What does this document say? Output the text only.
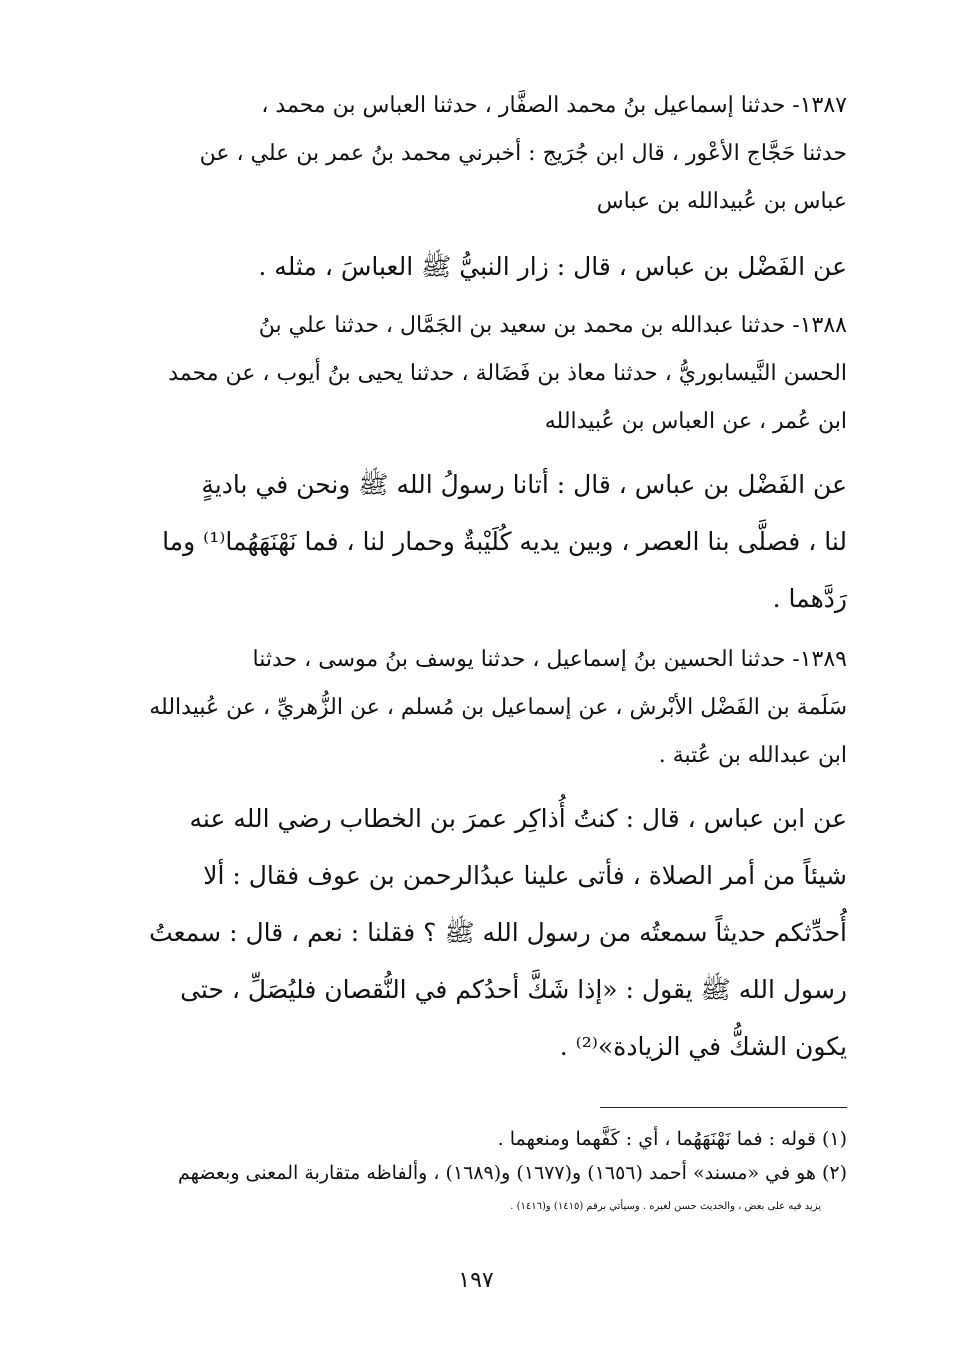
١٣٨٧- حدثنا إسماعيل بنُ محمد الصفَّار ، حدثنا العباس بن محمد ،
حدثنا حَجَّاج الأعْور ، قال ابن جُرَيج : أخبرني محمد بنُ عمر بن علي ، عن
عباس بن عُبيدالله بن عباس
عن الفَضْل بن عباس ، قال : زار النبيُّ ﷺ العباسَ ، مثله .
١٣٨٨- حدثنا عبدالله بن محمد بن سعيد بن الجَمَّال ، حدثنا علي بنُ
الحسن النَّيسابوريُّ ، حدثنا معاذ بن فَضَالة ، حدثنا يحيى بنُ أيوب ، عن محمد
ابن عُمر ، عن العباس بن عُبيدالله
عن الفَضْل بن عباس ، قال : أتانا رسولُ الله ﷺ ونحن في باديةٍ
لنا ، فصلَّى بنا العصر ، وبين يديه كُلَيْبةٌ وحمار لنا ، فما نَهْنَهَهُما⁽¹⁾ وما
رَدَّهما .
١٣٨٩- حدثنا الحسين بنُ إسماعيل ، حدثنا يوسف بنُ موسى ، حدثنا
سَلَمة بن الفَضْل الأبْرش ، عن إسماعيل بن مُسلم ، عن الزُّهريِّ ، عن عُبيدالله
ابن عبدالله بن عُتبة .
عن ابن عباس ، قال : كنتُ أُذاكِر عمرَ بن الخطاب رضي الله عنه
شيئاً من أمر الصلاة ، فأتى علينا عبدُالرحمن بن عوف فقال : ألا
أُحدِّثكم حديثاً سمعتُه من رسول الله ﷺ ؟ فقلنا : نعم ، قال : سمعتُ
رسول الله ﷺ يقول : «إذا شَكَّ أحدُكم في النُّقصان فليُصَلِّ ، حتى
يكون الشكُّ في الزيادة»⁽²⁾ .
(١) قوله : فما نَهْنَهَهُما ، أي : كَفَّهما ومنعهما .
(٢) هو في «مسند» أحمد (١٦٥٦) و(١٦٧٧) و(١٦٨٩) ، وألفاظه متقاربة المعنى وبعضهم
يزيد فيه على بعض ، والحديث حسن لغيره . وسيأتي برقم (١٤١٥) و(١٤١٦) .
١٩٧
